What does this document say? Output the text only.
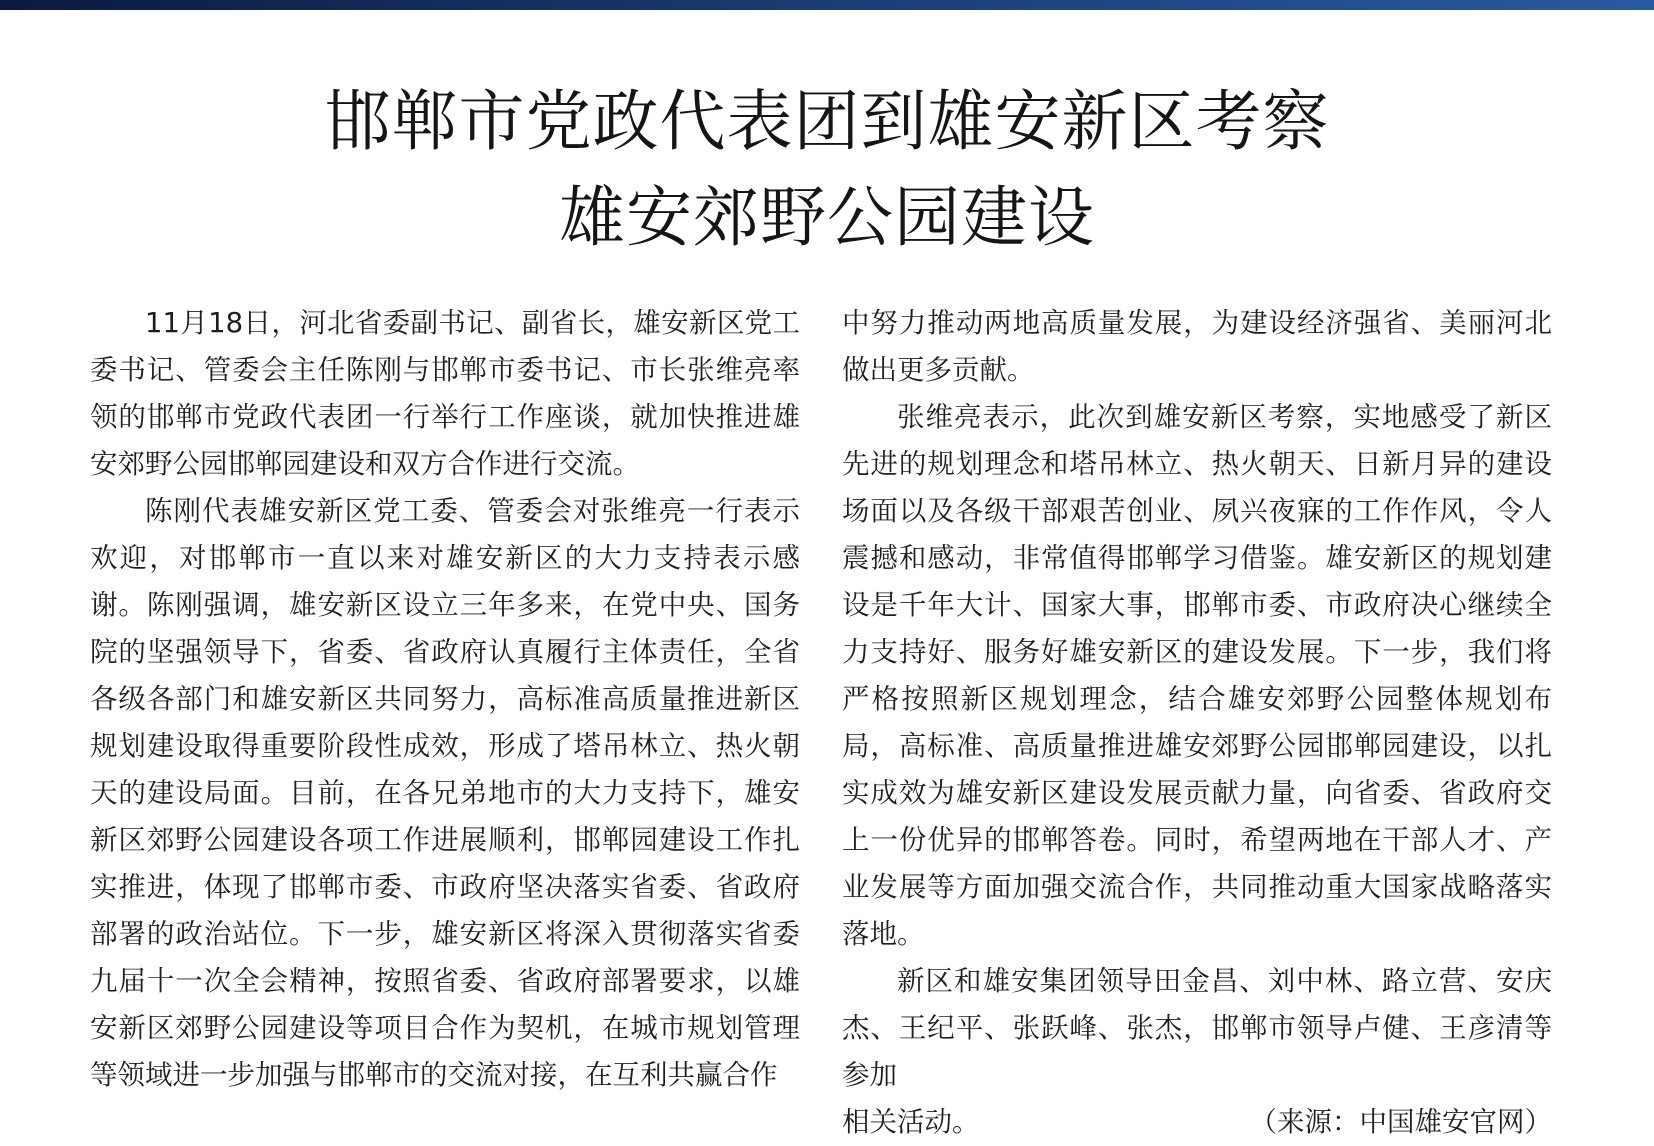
邯郸市党政代表团到雄安新区考察
雄安郊野公园建设

11月18日，河北省委副书记、副省长，雄安新区党工委书记、管委会主任陈刚与邯郸市委书记、市长张维亮率领的邯郸市党政代表团一行举行工作座谈，就加快推进雄安郊野公园邯郸园建设和双方合作进行交流。

陈刚代表雄安新区党工委、管委会对张维亮一行表示欢迎，对邯郸市一直以来对雄安新区的大力支持表示感谢。陈刚强调，雄安新区设立三年多来，在党中央、国务院的坚强领导下，省委、省政府认真履行主体责任，全省各级各部门和雄安新区共同努力，高标准高质量推进新区规划建设取得重要阶段性成效，形成了塔吊林立、热火朝天的建设局面。目前，在各兄弟地市的大力支持下，雄安新区郊野公园建设各项工作进展顺利，邯郸园建设工作扎实推进，体现了邯郸市委、市政府坚决落实省委、省政府部署的政治站位。下一步，雄安新区将深入贯彻落实省委九届十一次全会精神，按照省委、省政府部署要求，以雄安新区郊野公园建设等项目合作为契机，在城市规划管理等领域进一步加强与邯郸市的交流对接，在互利共赢合作

中努力推动两地高质量发展，为建设经济强省、美丽河北做出更多贡献。

张维亮表示，此次到雄安新区考察，实地感受了新区先进的规划理念和塔吊林立、热火朝天、日新月异的建设场面以及各级干部艰苦创业、夙兴夜寐的工作作风，令人震撼和感动，非常值得邯郸学习借鉴。雄安新区的规划建设是千年大计、国家大事，邯郸市委、市政府决心继续全力支持好、服务好雄安新区的建设发展。下一步，我们将严格按照新区规划理念，结合雄安郊野公园整体规划布局，高标准、高质量推进雄安郊野公园邯郸园建设，以扎实成效为雄安新区建设发展贡献力量，向省委、省政府交上一份优异的邯郸答卷。同时，希望两地在干部人才、产业发展等方面加强交流合作，共同推动重大国家战略落实落地。

新区和雄安集团领导田金昌、刘中林、路立营、安庆杰、王纪平、张跃峰、张杰，邯郸市领导卢健、王彦清等参加

相关活动。	（来源：中国雄安官网）
